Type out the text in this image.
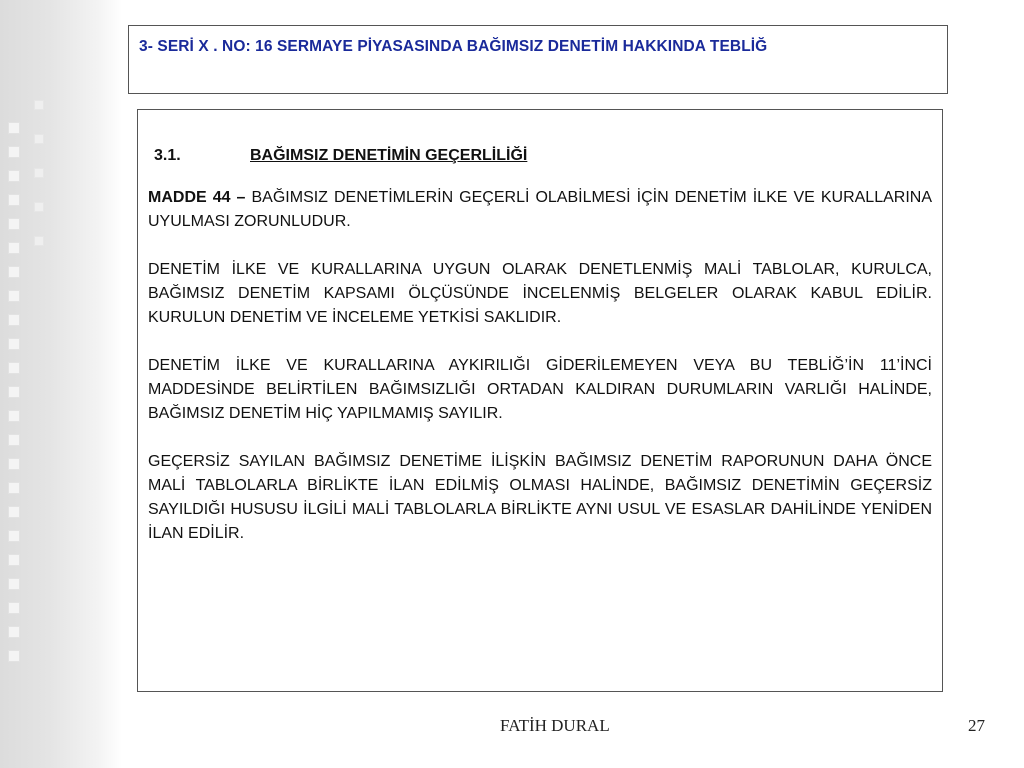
3- SERİ X . NO: 16 SERMAYE PİYASASINDA BAĞIMSIZ DENETİM HAKKINDA TEBLİĞ
3.1.	BAĞIMSIZ DENETİMİN GEÇERLİLİĞİ

MADDE 44 – BAĞIMSIZ DENETİMLERİN GEÇERLİ OLABİLMESİ İÇİN DENETİM İLKE VE KURALLARINA UYULMASI ZORUNLUDUR.

DENETİM İLKE VE KURALLARINA UYGUN OLARAK DENETLENMİŞ MALİ TABLOLAR, KURULCA, BAĞIMSIZ DENETİM KAPSAMI ÖLÇÜSÜNDE İNCELENMİŞ BELGELER OLARAK KABUL EDİLİR. KURULUN DENETİM VE İNCELEME YETKİSİ SAKLIDIR.

DENETİM İLKE VE KURALLARINA AYKIRILIĞI GİDERİLEMEYEN VEYA BU TEBLİĞ’İN 11’İNCİ MADDESİNDE BELİRTİLEN BAĞIMSIZLIĞI ORTADAN KALDIRAN DURUMLARIN VARLIĞI HALİNDE, BAĞIMSIZ DENETİM HİÇ YAPILMAMIŞ SAYILIR.

GEÇERSİZ SAYILAN BAĞIMSIZ DENETİME İLİŞKİN BAĞIMSIZ DENETİM RAPORUNUN DAHA ÖNCE MALİ TABLOLARLA BİRLİKTE İLAN EDİLMİŞ OLMASI HALİNDE, BAĞIMSIZ DENETİMİN GEÇERSİZ SAYILDIĞI HUSUSU İLGİLİ MALİ TABLOLARLA BİRLİKTE AYNI USUL VE ESASLAR DAHİLİNDE YENİDEN İLAN EDİLİR.

FATİH DURAL	27
